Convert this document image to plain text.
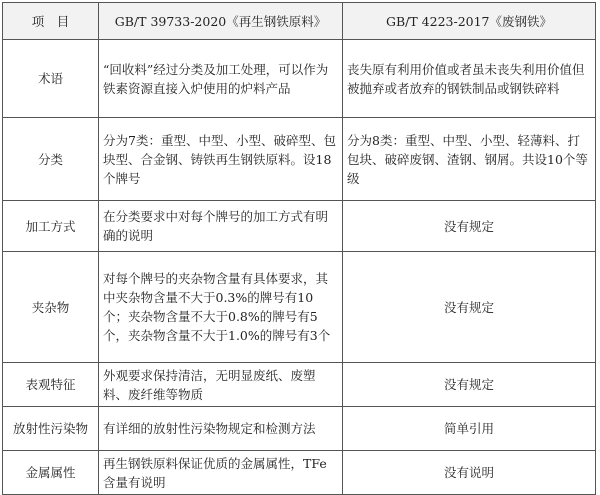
项　目	GB/T 39733-2020《再生钢铁原料》	GB/T 4223-2017《废钢铁》
术语	“回收料”经过分类及加工处理，可以作为铁素资源直接入炉使用的炉料产品	丧失原有利用价值或者虽未丧失利用价值但被抛弃或者放弃的钢铁制品或钢铁碎料
分类	分为7类：重型、中型、小型、破碎型、包块型、合金钢、铸铁再生钢铁原料。设18个牌号	分为8类：重型、中型、小型、轻薄料、打包块、破碎废钢、渣钢、钢屑。共设10个等级
加工方式	在分类要求中对每个牌号的加工方式有明确的说明	没有规定
夹杂物	对每个牌号的夹杂物含量有具体要求，其中夹杂物含量不大于0.3%的牌号有10个；夹杂物含量不大于0.8%的牌号有5个，夹杂物含量不大于1.0%的牌号有3个	没有规定
表观特征	外观要求保持清洁，无明显废纸、废塑料、废纤维等物质	没有规定
放射性污染物	有详细的放射性污染物规定和检测方法	简单引用
金属属性	再生钢铁原料保证优质的金属属性，TFe含量有说明	没有说明
